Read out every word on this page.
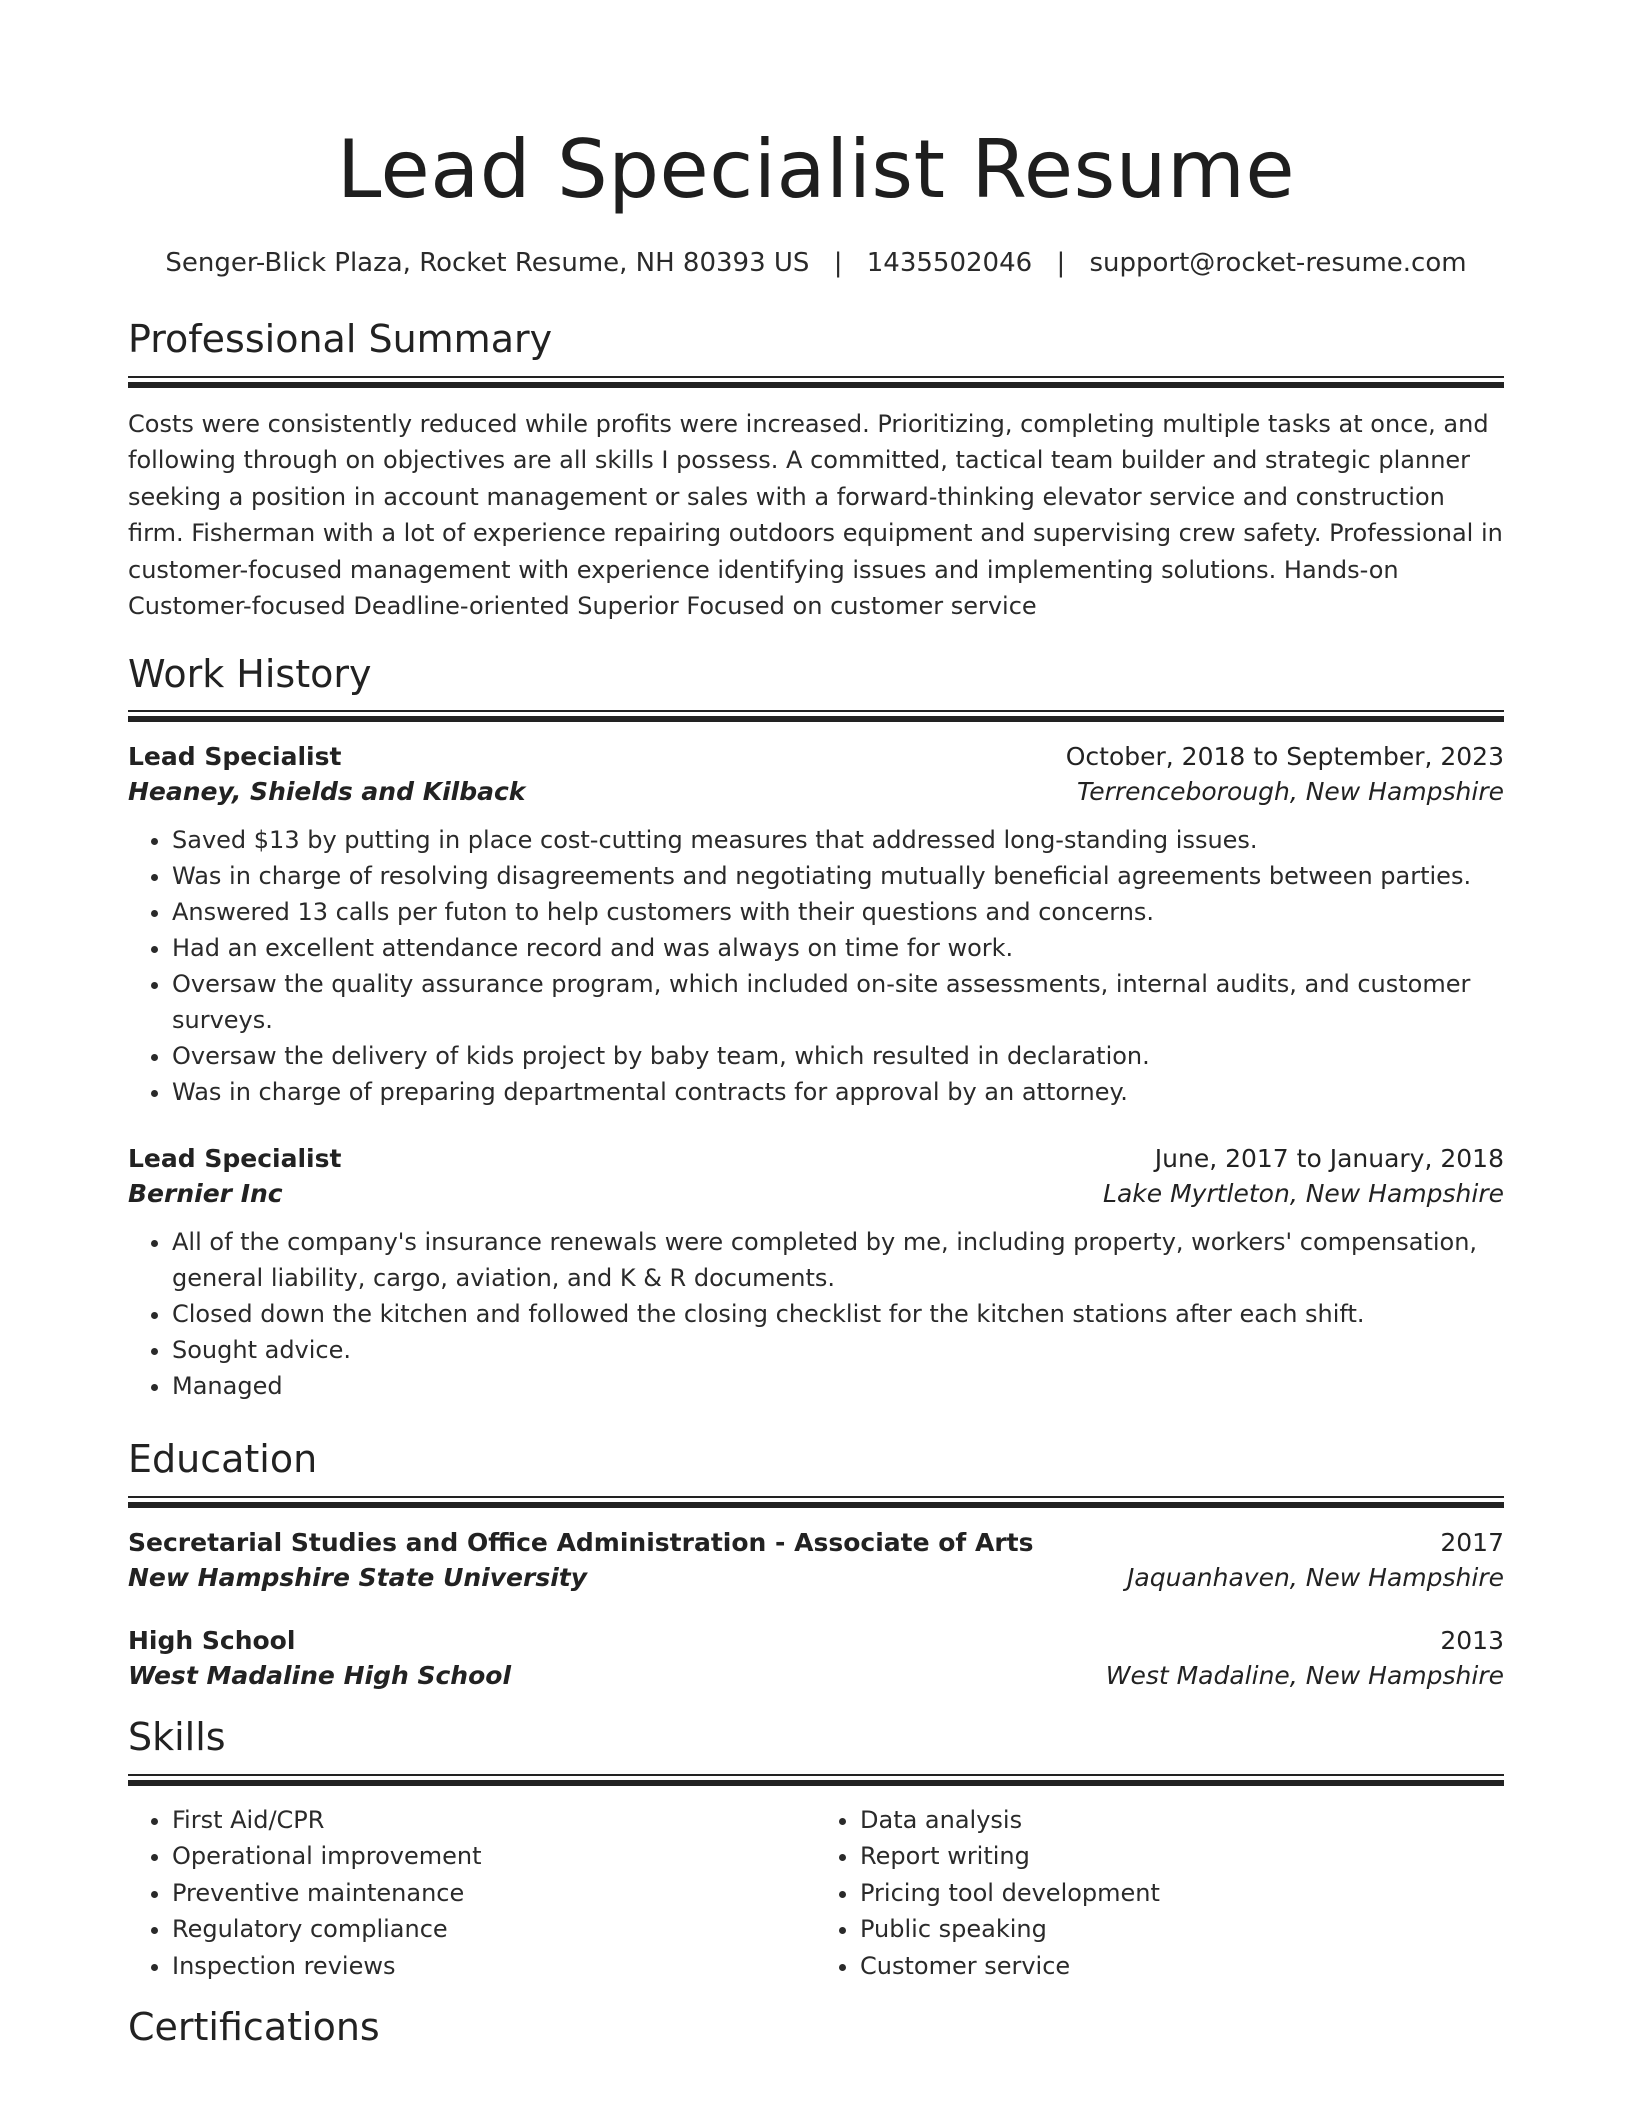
Lead Specialist Resume
Senger-Blick Plaza, Rocket Resume, NH 80393 US | 1435502046 | support@rocket-resume.com
Professional Summary
Costs were consistently reduced while profits were increased. Prioritizing, completing multiple tasks at once, and following through on objectives are all skills I possess. A committed, tactical team builder and strategic planner seeking a position in account management or sales with a forward-thinking elevator service and construction firm. Fisherman with a lot of experience repairing outdoors equipment and supervising crew safety. Professional in customer-focused management with experience identifying issues and implementing solutions. Hands-on Customer-focused Deadline-oriented Superior Focused on customer service
Work History
Lead Specialist	October, 2018 to September, 2023
Heaney, Shields and Kilback	Terrenceborough, New Hampshire
• Saved $13 by putting in place cost-cutting measures that addressed long-standing issues.
• Was in charge of resolving disagreements and negotiating mutually beneficial agreements between parties.
• Answered 13 calls per futon to help customers with their questions and concerns.
• Had an excellent attendance record and was always on time for work.
• Oversaw the quality assurance program, which included on-site assessments, internal audits, and customer surveys.
• Oversaw the delivery of kids project by baby team, which resulted in declaration.
• Was in charge of preparing departmental contracts for approval by an attorney.
Lead Specialist	June, 2017 to January, 2018
Bernier Inc	Lake Myrtleton, New Hampshire
• All of the company's insurance renewals were completed by me, including property, workers' compensation, general liability, cargo, aviation, and K & R documents.
• Closed down the kitchen and followed the closing checklist for the kitchen stations after each shift.
• Sought advice.
• Managed
Education
Secretarial Studies and Office Administration - Associate of Arts	2017
New Hampshire State University	Jaquanhaven, New Hampshire
High School	2013
West Madaline High School	West Madaline, New Hampshire
Skills
• First Aid/CPR
• Operational improvement
• Preventive maintenance
• Regulatory compliance
• Inspection reviews
• Data analysis
• Report writing
• Pricing tool development
• Public speaking
• Customer service
Certifications
